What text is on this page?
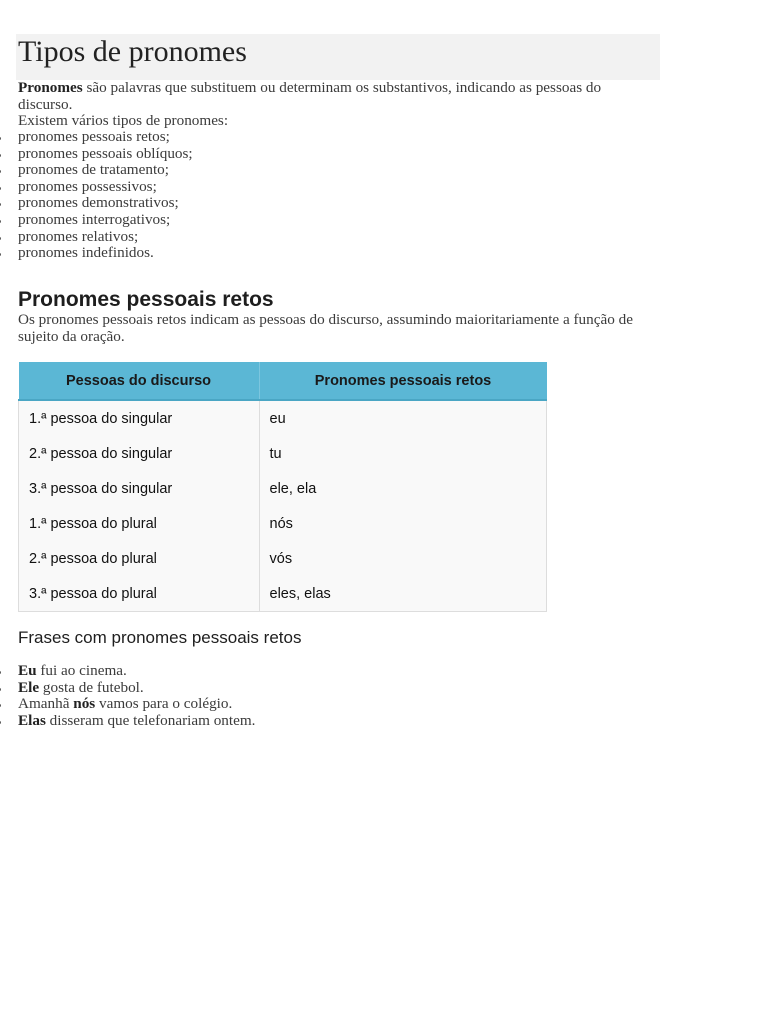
Tipos de pronomes

Pronomes são palavras que substituem ou determinam os substantivos, indicando as pessoas do discurso.

Existem vários tipos de pronomes:

pronomes pessoais retos;
pronomes pessoais oblíquos;
pronomes de tratamento;
pronomes possessivos;
pronomes demonstrativos;
pronomes interrogativos;
pronomes relativos;
pronomes indefinidos.
Pronomes pessoais retos

Os pronomes pessoais retos indicam as pessoas do discurso, assumindo maioritariamente a função de sujeito da oração.

Pessoas do discurso	Pronomes pessoais retos
1.ª pessoa do singular	eu
2.ª pessoa do singular	tu
3.ª pessoa do singular	ele, ela
1.ª pessoa do plural	nós
2.ª pessoa do plural	vós
3.ª pessoa do plural	eles, elas
Frases com pronomes pessoais retos
Eu fui ao cinema.
Ele gosta de futebol.
Amanhã nós vamos para o colégio.
Elas disseram que telefonariam ontem.
